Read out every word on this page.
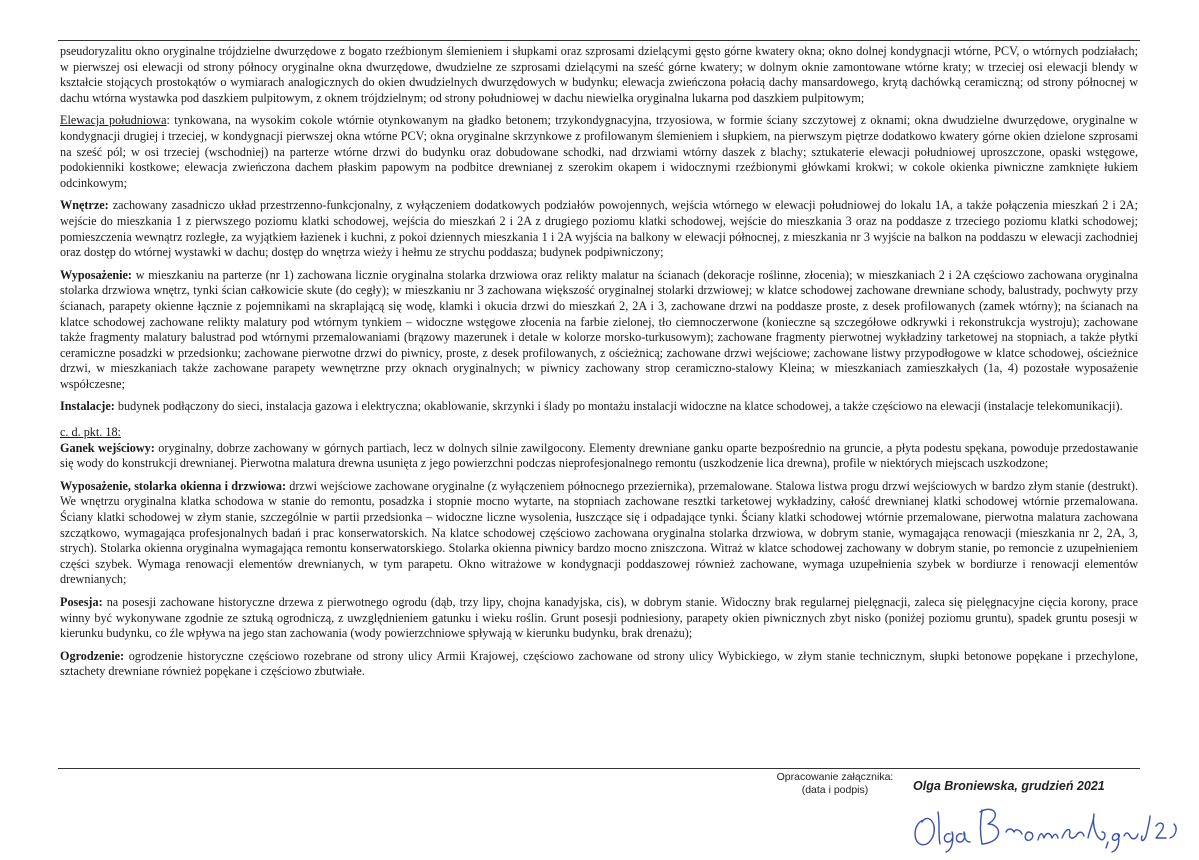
pseudoryzalitu okno oryginalne trójdzielne dwurzędowe z bogato rzeźbionym ślemieniem i słupkami oraz szprosami dzielącymi gęsto górne kwatery okna; okno dolnej kondygnacji wtórne, PCV, o wtórnych podziałach; w pierwszej osi elewacji od strony północy oryginalne okna dwurzędowe, dwudzielne ze szprosami dzielącymi na sześć górne kwatery; w dolnym oknie zamontowane wtórne kraty; w trzeciej osi elewacji blendy w kształcie stojących prostokątów o wymiarach analogicznych do okien dwudzielnych dwurzędowych w budynku; elewacja zwieńczona połacią dachy mansardowego, krytą dachówką ceramiczną; od strony północnej w dachu wtórna wystawka pod daszkiem pulpitowym, z oknem trójdzielnym; od strony południowej w dachu niewielka oryginalna lukarna pod daszkiem pulpitowym;

Elewacja południowa: tynkowana, na wysokim cokole wtórnie otynkowanym na gładko betonem; trzykondygnacyjna, trzyosiowa, w formie ściany szczytowej z oknami; okna dwudzielne dwurzędowe, oryginalne w kondygnacji drugiej i trzeciej, w kondygnacji pierwszej okna wtórne PCV; okna oryginalne skrzynkowe z profilowanym ślemieniem i słupkiem, na pierwszym piętrze dodatkowo kwatery górne okien dzielone szprosami na sześć pól; w osi trzeciej (wschodniej) na parterze wtórne drzwi do budynku oraz dobudowane schodki, nad drzwiami wtórny daszek z blachy; sztukaterie elewacji południowej uproszczone, opaski wstęgowe, podokienniki kostkowe; elewacja zwieńczona dachem płaskim papowym na podbitce drewnianej z szerokim okapem i widocznymi rzeźbionymi główkami krokwi; w cokole okienka piwniczne zamknięte łukiem odcinkowym;

Wnętrze: zachowany zasadniczo układ przestrzenno-funkcjonalny, z wyłączeniem dodatkowych podziałów powojennych, wejścia wtórnego w elewacji południowej do lokalu 1A, a także połączenia mieszkań 2 i 2A; wejście do mieszkania 1 z pierwszego poziomu klatki schodowej, wejścia do mieszkań 2 i 2A z drugiego poziomu klatki schodowej, wejście do mieszkania 3 oraz na poddasze z trzeciego poziomu klatki schodowej; pomieszczenia wewnątrz rozległe, za wyjątkiem łazienek i kuchni, z pokoi dziennych mieszkania 1 i 2A wyjścia na balkony w elewacji północnej, z mieszkania nr 3 wyjście na balkon na poddaszu w elewacji zachodniej oraz dostęp do wtórnej wystawki w dachu; dostęp do wnętrza wieży i hełmu ze strychu poddasza; budynek podpiwniczony;

Wyposażenie: w mieszkaniu na parterze (nr 1) zachowana licznie oryginalna stolarka drzwiowa oraz relikty malatur na ścianach (dekoracje roślinne, złocenia); w mieszkaniach 2 i 2A częściowo zachowana oryginalna stolarka drzwiowa wnętrz, tynki ścian całkowicie skute (do cegły); w mieszkaniu nr 3 zachowana większość oryginalnej stolarki drzwiowej; w klatce schodowej zachowane drewniane schody, balustrady, pochwyty przy ścianach, parapety okienne łącznie z pojemnikami na skraplającą się wodę, klamki i okucia drzwi do mieszkań 2, 2A i 3, zachowane drzwi na poddasze proste, z desek profilowanych (zamek wtórny); na ścianach na klatce schodowej zachowane relikty malatury pod wtórnym tynkiem – widoczne wstęgowe złocenia na farbie zielonej, tło ciemnoczerwone (konieczne są szczegółowe odkrywki i rekonstrukcja wystroju); zachowane także fragmenty malatury balustrad pod wtórnymi przemalowaniami (brązowy mazerunek i detale w kolorze morsko-turkusowym); zachowane fragmenty pierwotnej wykładziny tarketowej na stopniach, a także płytki ceramiczne posadzki w przedsionku; zachowane pierwotne drzwi do piwnicy, proste, z desek profilowanych, z ościeżnicą; zachowane drzwi wejściowe; zachowane listwy przypodłogowe w klatce schodowej, ościeżnice drzwi, w mieszkaniach także zachowane parapety wewnętrzne przy oknach oryginalnych; w piwnicy zachowany strop ceramiczno-stalowy Kleina; w mieszkaniach zamieszkałych (1a, 4) pozostałe wyposażenie współczesne;

Instalacje: budynek podłączony do sieci, instalacja gazowa i elektryczna; okablowanie, skrzynki i ślady po montażu instalacji widoczne na klatce schodowej, a także częściowo na elewacji (instalacje telekomunikacji).

c. d. pkt. 18:

Ganek wejściowy: oryginalny, dobrze zachowany w górnych partiach, lecz w dolnych silnie zawilgocony. Elementy drewniane ganku oparte bezpośrednio na gruncie, a płyta podestu spękana, powoduje przedostawanie się wody do konstrukcji drewnianej. Pierwotna malatura drewna usunięta z jego powierzchni podczas nieprofesjonalnego remontu (uszkodzenie lica drewna), profile w niektórych miejscach uszkodzone;

Wyposażenie, stolarka okienna i drzwiowa: drzwi wejściowe zachowane oryginalne (z wyłączeniem północnego przeziernika), przemalowane. Stalowa listwa progu drzwi wejściowych w bardzo złym stanie (destrukt). We wnętrzu oryginalna klatka schodowa w stanie do remontu, posadzka i stopnie mocno wytarte, na stopniach zachowane resztki tarketowej wykładziny, całość drewnianej klatki schodowej wtórnie przemalowana. Ściany klatki schodowej w złym stanie, szczególnie w partii przedsionka – widoczne liczne wysolenia, łuszczące się i odpadające tynki. Ściany klatki schodowej wtórnie przemalowane, pierwotna malatura zachowana szczątkowo, wymagająca profesjonalnych badań i prac konserwatorskich. Na klatce schodowej częściowo zachowana oryginalna stolarka drzwiowa, w dobrym stanie, wymagająca renowacji (mieszkania nr 2, 2A, 3, strych). Stolarka okienna oryginalna wymagająca remontu konserwatorskiego. Stolarka okienna piwnicy bardzo mocno zniszczona. Witraż w klatce schodowej zachowany w dobrym stanie, po remoncie z uzupełnieniem części szybek. Wymaga renowacji elementów drewnianych, w tym parapetu. Okno witrażowe w kondygnacji poddaszowej również zachowane, wymaga uzupełnienia szybek w bordiurze i renowacji elementów drewnianych;

Posesja: na posesji zachowane historyczne drzewa z pierwotnego ogrodu (dąb, trzy lipy, chojna kanadyjska, cis), w dobrym stanie. Widoczny brak regularnej pielęgnacji, zaleca się pielęgnacyjne cięcia korony, prace winny być wykonywane zgodnie ze sztuką ogrodniczą, z uwzględnieniem gatunku i wieku roślin. Grunt posesji podniesiony, parapety okien piwnicznych zbyt nisko (poniżej poziomu gruntu), spadek gruntu posesji w kierunku budynku, co źle wpływa na jego stan zachowania (wody powierzchniowe spływają w kierunku budynku, brak drenażu);

Ogrodzenie: ogrodzenie historyczne częściowo rozebrane od strony ulicy Armii Krajowej, częściowo zachowane od strony ulicy Wybickiego, w złym stanie technicznym, słupki betonowe popękane i przechylone, sztachety drewniane również popękane i częściowo zbutwiałe.

Opracowanie załącznika:
(data i podpis)	Olga Broniewska, grudzień 2021
